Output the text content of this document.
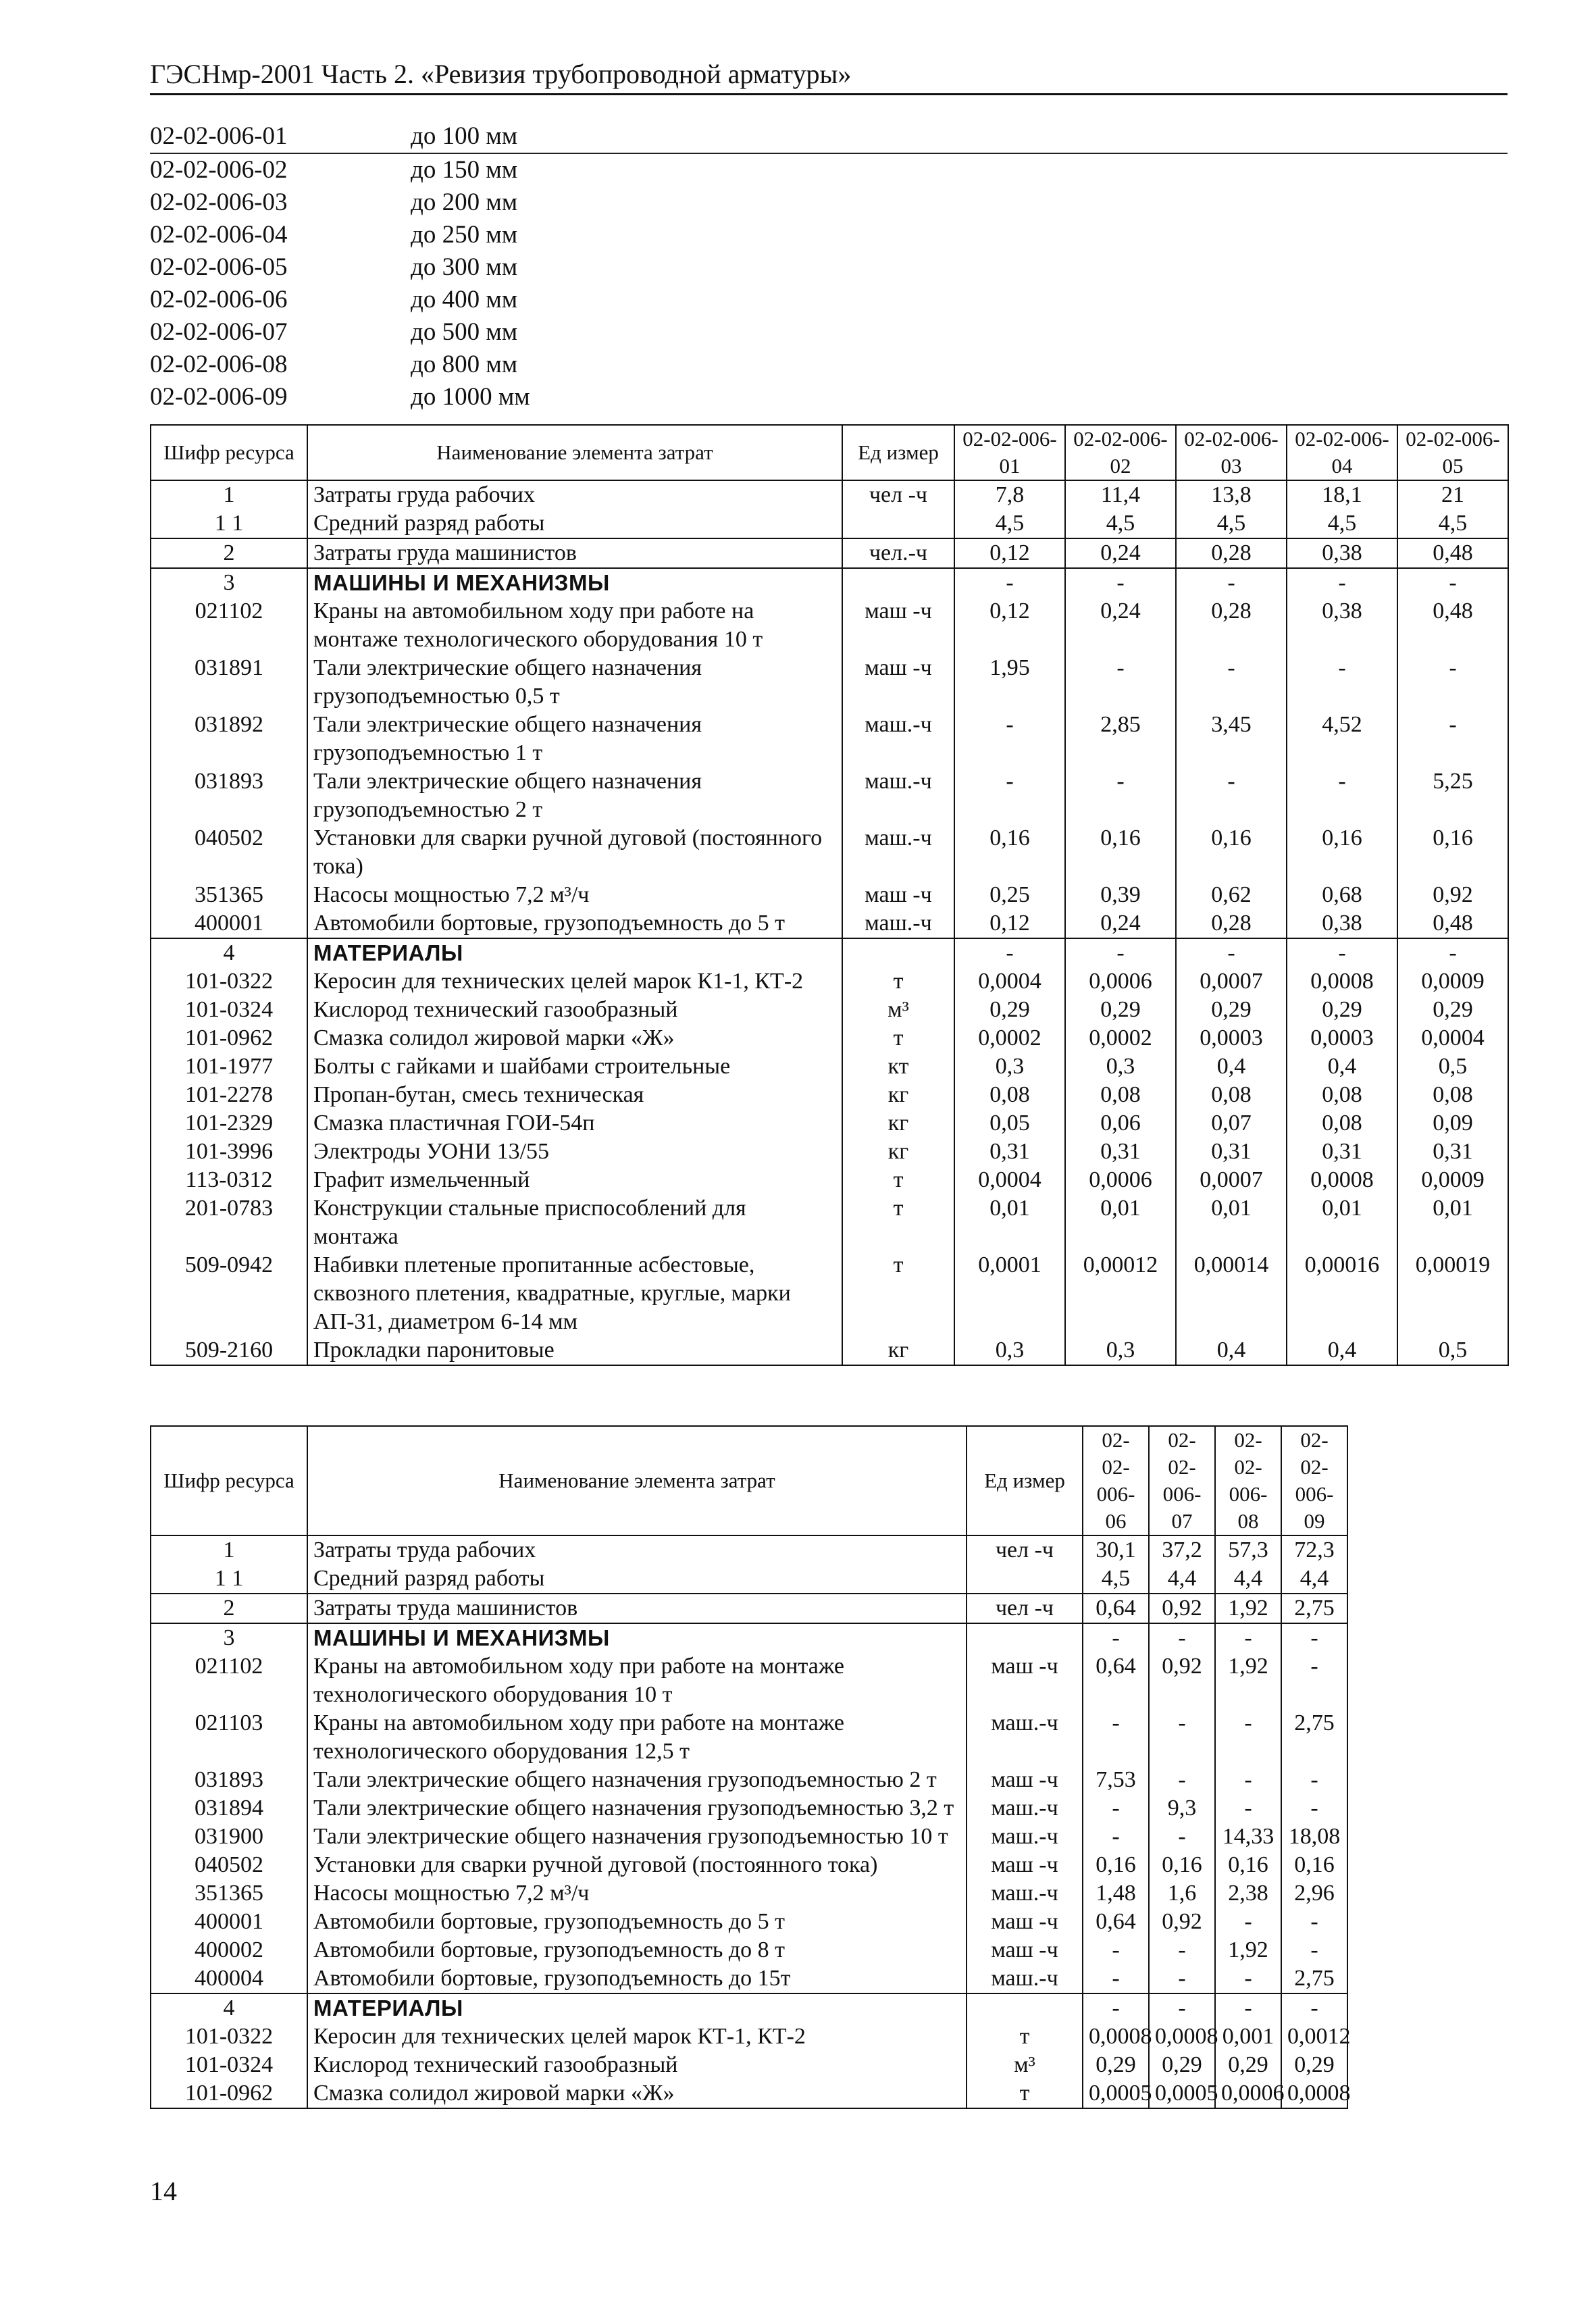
ГЭСНмр-2001 Часть 2. «Ревизия трубопроводной арматуры»
02-02-006-01	до 100 мм
02-02-006-02	до 150 мм
02-02-006-03	до 200 мм
02-02-006-04	до 250 мм
02-02-006-05	до 300 мм
02-02-006-06	до 400 мм
02-02-006-07	до 500 мм
02-02-006-08	до 800 мм
02-02-006-09	до 1000 мм
Шифр ресурса	Наименование элемента затрат	Ед измер	02-02-006-01	02-02-006-02	02-02-006-03	02-02-006-04	02-02-006-05
1	Затраты груда рабочих	чел -ч	7,8	11,4	13,8	18,1	21
1 1	Средний разряд работы		4,5	4,5	4,5	4,5	4,5
2	Затраты груда машинистов	чел.-ч	0,12	0,24	0,28	0,38	0,48
3	МАШИНЫ И МЕХАНИЗМЫ		-	-	-	-	-
021102	Краны на автомобильном ходу при работе на монтаже технологического оборудования 10 т	маш -ч	0,12	0,24	0,28	0,38	0,48
031891	Тали электрические общего назначения грузоподъемностью 0,5 т	маш -ч	1,95	-	-	-	-
031892	Тали электрические общего назначения грузоподъемностью 1 т	маш.-ч	-	2,85	3,45	4,52	-
031893	Тали электрические общего назначения грузоподъемностью 2 т	маш.-ч	-	-	-	-	5,25
040502	Установки для сварки ручной дуговой (постоянного тока)	маш.-ч	0,16	0,16	0,16	0,16	0,16
351365	Насосы мощностью 7,2 м³/ч	маш -ч	0,25	0,39	0,62	0,68	0,92
400001	Автомобили бортовые, грузоподъемность до 5 т	маш.-ч	0,12	0,24	0,28	0,38	0,48
4	МАТЕРИАЛЫ		-	-	-	-	-
101-0322	Керосин для технических целей марок К1-1, КТ-2	т	0,0004	0,0006	0,0007	0,0008	0,0009
101-0324	Кислород технический газообразный	м³	0,29	0,29	0,29	0,29	0,29
101-0962	Смазка солидол жировой марки «Ж»	т	0,0002	0,0002	0,0003	0,0003	0,0004
101-1977	Болты с гайками и шайбами строительные	кт	0,3	0,3	0,4	0,4	0,5
101-2278	Пропан-бутан, смесь техническая	кг	0,08	0,08	0,08	0,08	0,08
101-2329	Смазка пластичная ГОИ-54п	кг	0,05	0,06	0,07	0,08	0,09
101-3996	Электроды УОНИ 13/55	кг	0,31	0,31	0,31	0,31	0,31
113-0312	Графит измельченный	т	0,0004	0,0006	0,0007	0,0008	0,0009
201-0783	Конструкции стальные приспособлений для монтажа	т	0,01	0,01	0,01	0,01	0,01
509-0942	Набивки плетеные пропитанные асбестовые, сквозного плетения, квадратные, круглые, марки АП-31, диаметром 6-14 мм	т	0,0001	0,00012	0,00014	0,00016	0,00019
509-2160	Прокладки паронитовые	кг	0,3	0,3	0,4	0,4	0,5
Шифр ресурса	Наименование элемента затрат	Ед измер	02-02-006-06	02-02-006-07	02-02-006-08	02-02-006-09
1	Затраты труда рабочих	чел -ч	30,1	37,2	57,3	72,3
1 1	Средний разряд работы		4,5	4,4	4,4	4,4
2	Затраты труда машинистов	чел -ч	0,64	0,92	1,92	2,75
3	МАШИНЫ И МЕХАНИЗМЫ		-	-	-	-
021102	Краны на автомобильном ходу при работе на монтаже технологического оборудования 10 т	маш -ч	0,64	0,92	1,92	-
021103	Краны на автомобильном ходу при работе на монтаже технологического оборудования 12,5 т	маш.-ч	-	-	-	2,75
031893	Тали электрические общего назначения грузоподъемностью 2 т	маш -ч	7,53	-	-	-
031894	Тали электрические общего назначения грузоподъемностью 3,2 т	маш.-ч	-	9,3	-	-
031900	Тали электрические общего назначения грузоподъемностью 10 т	маш.-ч	-	-	14,33	18,08
040502	Установки для сварки ручной дуговой (постоянного тока)	маш -ч	0,16	0,16	0,16	0,16
351365	Насосы мощностью 7,2 м³/ч	маш.-ч	1,48	1,6	2,38	2,96
400001	Автомобили бортовые, грузоподъемность до 5 т	маш -ч	0,64	0,92	-	-
400002	Автомобили бортовые, грузоподъемность до 8 т	маш -ч	-	-	1,92	-
400004	Автомобили бортовые, грузоподъемность до 15т	маш.-ч	-	-	-	2,75
4	МАТЕРИАЛЫ		-	-	-	-
101-0322	Керосин для технических целей марок КТ-1, КТ-2	т	0,0008	0,0008	0,001	0,0012
101-0324	Кислород технический газообразный	м³	0,29	0,29	0,29	0,29
101-0962	Смазка солидол жировой марки «Ж»	т	0,0005	0,0005	0,0006	0,0008
14
